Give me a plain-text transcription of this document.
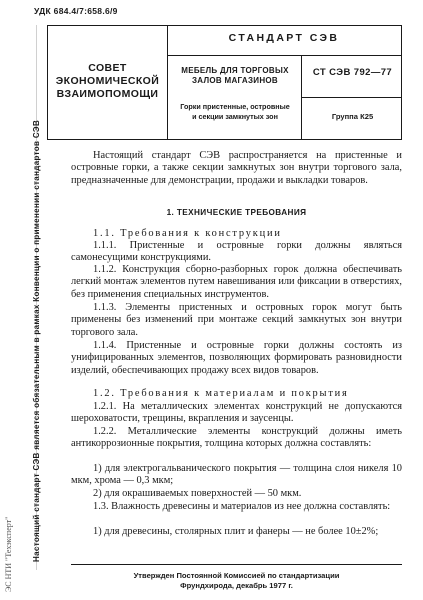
УДК 684.4/7:658.6/9
СОВЕТ
ЭКОНОМИЧЕСКОЙ
ВЗАИМОПОМОЩИ
СТАНДАРТ СЭВ
СТ СЭВ 792—77
МЕБЕЛЬ ДЛЯ ТОРГОВЫХ
ЗАЛОВ МАГАЗИНОВ
Горки пристенные, островные
и секции замкнутых зон	Группа К25
Настоящий стандарт СЭВ является обязательным в рамках Конвенции о применении стандартов СЭВ
ЭС НТИ "Техэксперт"
Настоящий стандарт СЭВ распространяется на пристенные и островные горки, а также секции замкнутых зон внутри торгового зала, предназначенные для демонстрации, продажи и выкладки товаров.
1. ТЕХНИЧЕСКИЕ ТРЕБОВАНИЯ
1.1. Требования к конструкции
1.1.1. Пристенные и островные горки должны являться самонесущими конструкциями.
1.1.2. Конструкция сборно-разборных горок должна обеспечивать легкий монтаж элементов путем навешивания или фиксации в отверстиях, без применения специальных инструментов.
1.1.3. Элементы пристенных и островных горок могут быть применены без изменений при монтаже секций замкнутых зон внутри торгового зала.
1.1.4. Пристенные и островные горки должны состоять из унифицированных элементов, позволяющих формировать разновидности изделий, обеспечивающих продажу всех видов товаров.
1.2. Требования к материалам и покрытия
1.2.1. На металлических элементах конструкций не допускаются шероховатости, трещины, вкрапления и заусенцы.
1.2.2. Металлические элементы конструкций должны иметь антикоррозионные покрытия, толщина которых должна составлять:
1) для электрогальванического покрытия — толщина слоя никеля 10 мкм, хрома — 0,3 мкм;
2) для окрашиваемых поверхностей — 50 мкм.
1.3. Влажность древесины и материалов из нее должна составлять:
1) для древесины, столярных плит и фанеры — не более 10±2%;
Утвержден Постоянной Комиссией по стандартизации
Фрундхирода, декабрь 1977 г.
